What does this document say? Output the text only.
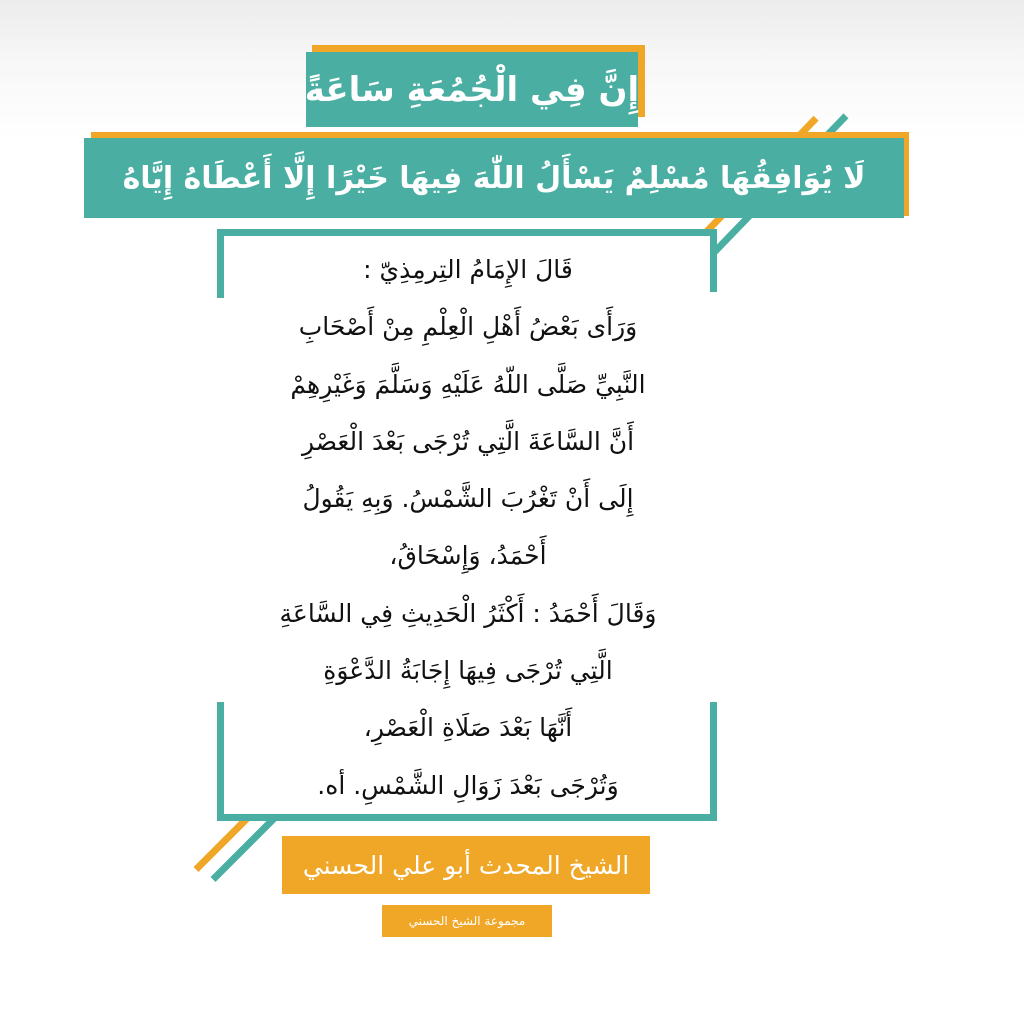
إِنَّ فِي الْجُمُعَةِ سَاعَةً
لَا يُوَافِقُهَا مُسْلِمٌ يَسْأَلُ اللّٰهَ فِيهَا خَيْرًا إِلَّا أَعْطَاهُ إِيَّاهُ
قَالَ الإِمَامُ التِرمِذِيّ :
وَرَأَى بَعْضُ أَهْلِ الْعِلْمِ مِنْ أَصْحَابِ
النَّبِيِّ صَلَّى اللّهُ عَلَيْهِ وَسَلَّمَ وَغَيْرِهِمْ
أَنَّ السَّاعَةَ الَّتِي تُرْجَى بَعْدَ الْعَصْرِ
إِلَى أَنْ تَغْرُبَ الشَّمْسُ. وَبِهِ يَقُولُ
أَحْمَدُ، وَإِسْحَاقُ،
وَقَالَ أَحْمَدُ : أَكْثَرُ الْحَدِيثِ فِي السَّاعَةِ
الَّتِي تُرْجَى فِيهَا إِجَابَةُ الدَّعْوَةِ
أَنَّهَا بَعْدَ صَلَاةِ الْعَصْرِ،
وَتُرْجَى بَعْدَ زَوَالِ الشَّمْسِ. أه.
الشيخ المحدث أبو علي الحسني
مجموعة الشيخ الحسني
